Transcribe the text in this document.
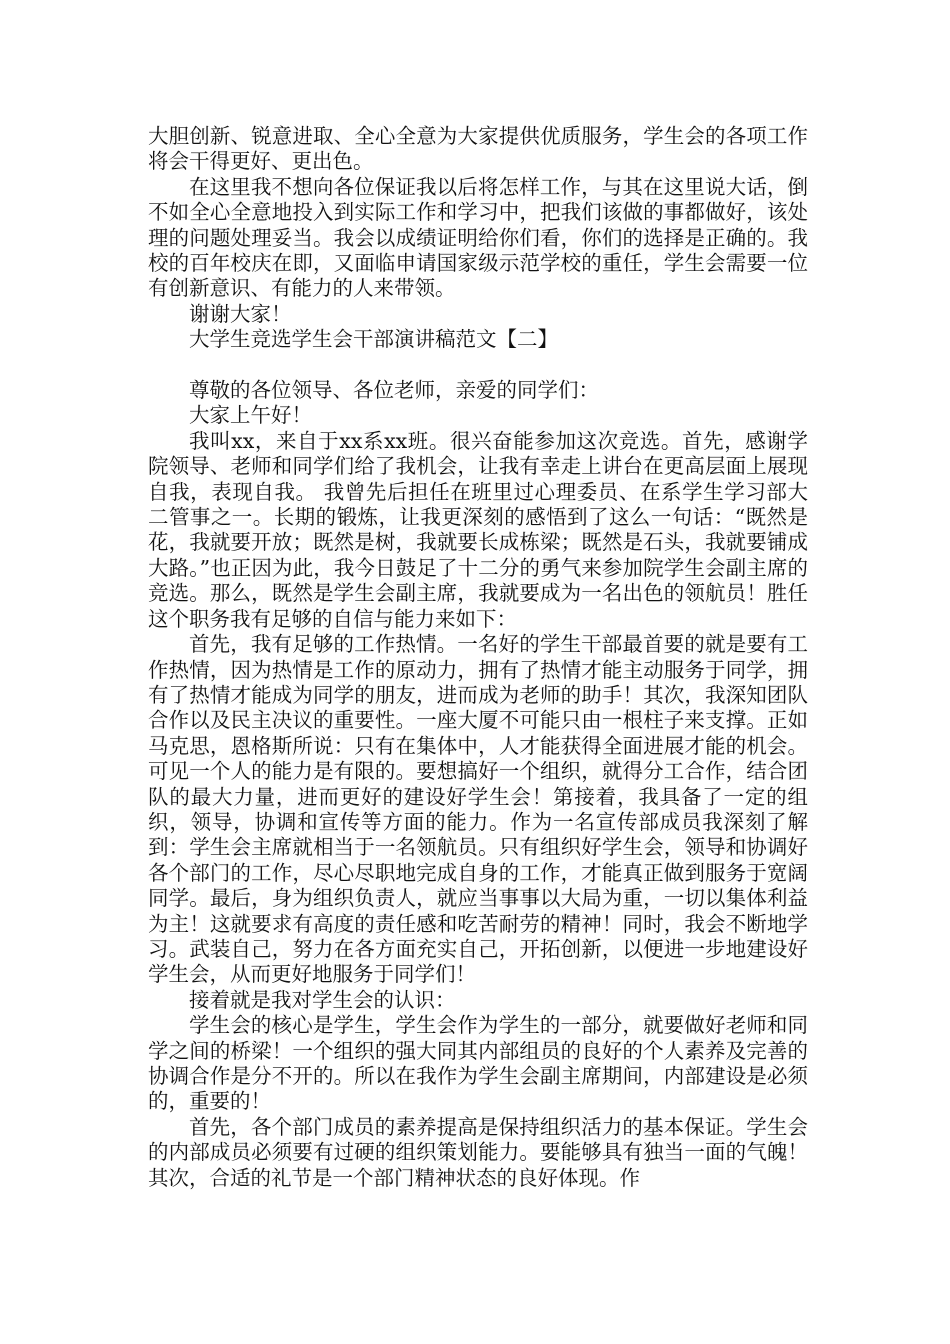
大胆创新、锐意进取、全心全意为大家提供优质服务，学生会的各项工作将会干得更好、更出色。

在这里我不想向各位保证我以后将怎样工作，与其在这里说大话，倒不如全心全意地投入到实际工作和学习中，把我们该做的事都做好，该处理的问题处理妥当。我会以成绩证明给你们看，你们的选择是正确的。我校的百年校庆在即，又面临申请国家级示范学校的重任，学生会需要一位有创新意识、有能力的人来带领。

谢谢大家！

大学生竞选学生会干部演讲稿范文【二】

尊敬的各位领导、各位老师，亲爱的同学们：

大家上午好！

我叫xx，来自于xx系xx班。很兴奋能参加这次竞选。首先，感谢学院领导、老师和同学们给了我机会，让我有幸走上讲台在更高层面上展现自我，表现自我。 我曾先后担任在班里过心理委员、在系学生学习部大二管事之一。长期的锻炼，让我更深刻的感悟到了这么一句话：“既然是花，我就要开放；既然是树，我就要长成栋梁；既然是石头，我就要铺成大路。”也正因为此，我今日鼓足了十二分的勇气来参加院学生会副主席的竞选。那么，既然是学生会副主席，我就要成为一名出色的领航员！胜任这个职务我有足够的自信与能力来如下：

首先，我有足够的工作热情。一名好的学生干部最首要的就是要有工作热情，因为热情是工作的原动力，拥有了热情才能主动服务于同学，拥有了热情才能成为同学的朋友，进而成为老师的助手！其次，我深知团队合作以及民主决议的重要性。一座大厦不可能只由一根柱子来支撑。正如马克思，恩格斯所说：只有在集体中，人才能获得全面进展才能的机会。可见一个人的能力是有限的。要想搞好一个组织，就得分工合作，结合团队的最大力量，进而更好的建设好学生会！第接着，我具备了一定的组织，领导，协调和宣传等方面的能力。作为一名宣传部成员我深刻了解到：学生会主席就相当于一名领航员。只有组织好学生会，领导和协调好各个部门的工作，尽心尽职地完成自身的工作，才能真正做到服务于宽阔同学。最后，身为组织负责人，就应当事事以大局为重，一切以集体利益为主！这就要求有高度的责任感和吃苦耐劳的精神！同时，我会不断地学习。武装自己，努力在各方面充实自己，开拓创新，以便进一步地建设好学生会，从而更好地服务于同学们！

接着就是我对学生会的认识：

学生会的核心是学生，学生会作为学生的一部分，就要做好老师和同学之间的桥梁！一个组织的强大同其内部组员的良好的个人素养及完善的协调合作是分不开的。所以在我作为学生会副主席期间，内部建设是必须的，重要的！

首先，各个部门成员的素养提高是保持组织活力的基本保证。学生会的内部成员必须要有过硬的组织策划能力。要能够具有独当一面的气魄！其次，合适的礼节是一个部门精神状态的良好体现。作
